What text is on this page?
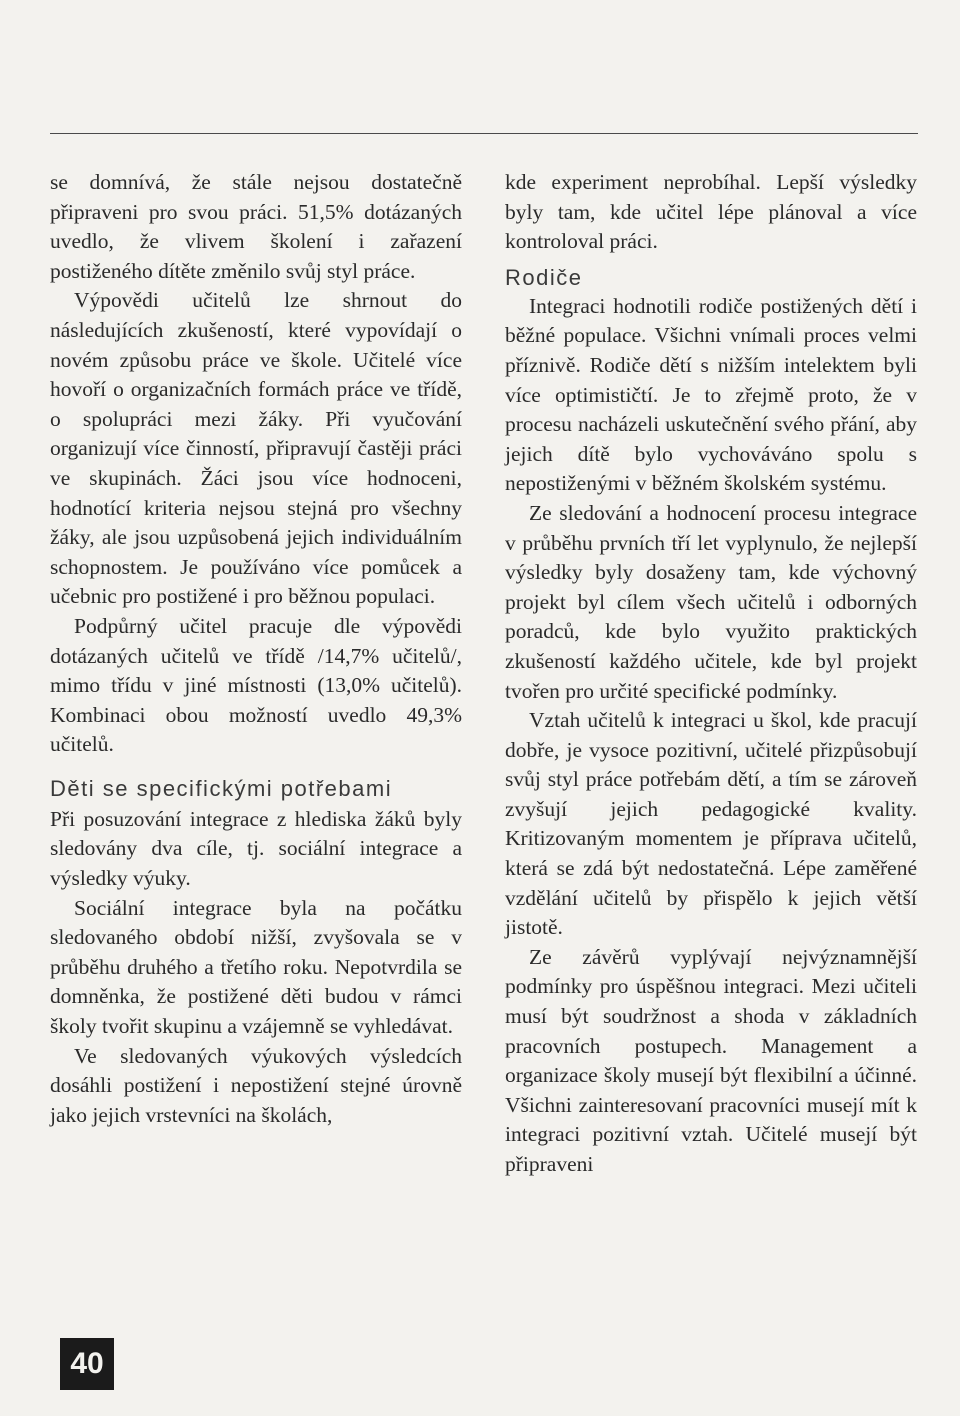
se domnívá, že stále nejsou dostatečně připraveni pro svou práci. 51,5% dotázaných uvedlo, že vlivem školení i zařazení postiženého dítěte změnilo svůj styl práce.

Výpovědi učitelů lze shrnout do následujících zkušeností, které vypovídají o novém způsobu práce ve škole. Učitelé více hovoří o organizačních formách práce ve třídě, o spolupráci mezi žáky. Při vyučování organizují více činností, připravují častěji práci ve skupinách. Žáci jsou více hodnoceni, hodnotící kriteria nejsou stejná pro všechny žáky, ale jsou uzpůsobená jejich individuálním schopnostem. Je používáno více pomůcek a učebnic pro postižené i pro běžnou populaci.

Podpůrný učitel pracuje dle výpovědi dotázaných učitelů ve třídě /14,7% učitelů/, mimo třídu v jiné místnosti (13,0% učitelů). Kombinaci obou možností uvedlo 49,3% učitelů.

Děti se specifickými potřebami

Při posuzování integrace z hlediska žáků byly sledovány dva cíle, tj. sociální integrace a výsledky výuky.

Sociální integrace byla na počátku sledovaného období nižší, zvyšovala se v průběhu druhého a třetího roku. Nepotvrdila se domněnka, že postižené děti budou v rámci školy tvořit skupinu a vzájemně se vyhledávat.

Ve sledovaných výukových výsledcích dosáhli postižení i nepostižení stejné úrovně jako jejich vrstevníci na školách,

kde experiment neprobíhal. Lepší výsledky byly tam, kde učitel lépe plánoval a více kontroloval práci.

Rodiče

Integraci hodnotili rodiče postižených dětí i běžné populace. Všichni vnímali proces velmi příznivě. Rodiče dětí s nižším intelektem byli více optimističtí. Je to zřejmě proto, že v procesu nacházeli uskutečnění svého přání, aby jejich dítě bylo vychováváno spolu s nepostiženými v běžném školském systému.

Ze sledování a hodnocení procesu integrace v průběhu prvních tří let vyplynulo, že nejlepší výsledky byly dosaženy tam, kde výchovný projekt byl cílem všech učitelů i odborných poradců, kde bylo využito praktických zkušeností každého učitele, kde byl projekt tvořen pro určité specifické podmínky.

Vztah učitelů k integraci u škol, kde pracují dobře, je vysoce pozitivní, učitelé přizpůsobují svůj styl práce potřebám dětí, a tím se zároveň zvyšují jejich pedagogické kvality. Kritizovaným momentem je příprava učitelů, která se zdá být nedostatečná. Lépe zaměřené vzdělání učitelů by přispělo k jejich větší jistotě.

Ze závěrů vyplývají nejvýznamnější podmínky pro úspěšnou integraci. Mezi učiteli musí být soudržnost a shoda v základních pracovních postupech. Management a organizace školy musejí být flexibilní a účinné. Všichni zainteresovaní pracovníci musejí mít k integraci pozitivní vztah. Učitelé musejí být připraveni

40
